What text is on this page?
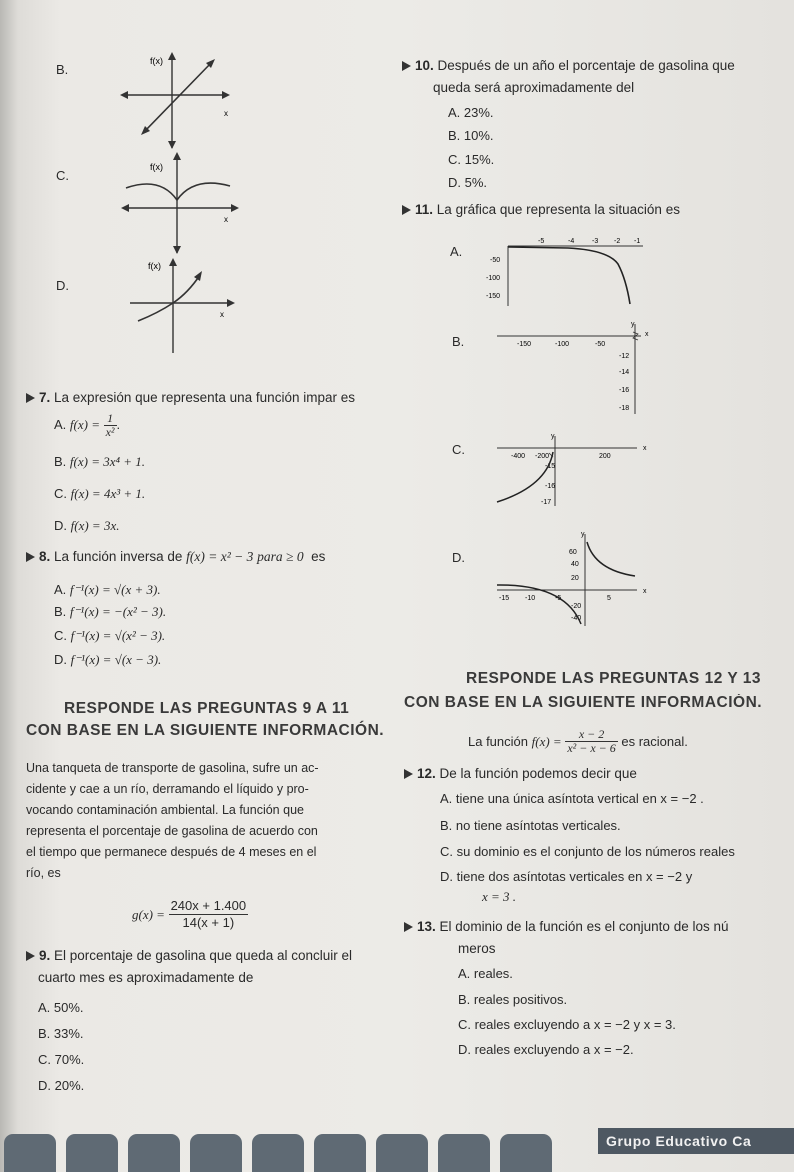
B.
f(x)
x
C.
f(x)
x
D.
f(x)
x
7. La expresión que representa una función impar es
A. $f(x) = \frac{1}{\text{x²}}$ .
B. f(x) = 3x⁴ + 1.
C. f(x) = 4x³ + 1.
D. f(x) = 3x.
8. La función inversa de f(x) = x² − 3 para ≥ 0 es
A. f⁻¹(x) = √(x + 3).
B. f⁻¹(x) = −(x² − 3).
C. f⁻¹(x) = √(x² − 3).
D. f⁻¹(x) = √(x − 3).
RESPONDE LAS PREGUNTAS 9 A 11
CON BASE EN LA SIGUIENTE INFORMACIÓN.
Una tanqueta de transporte de gasolina, sufre un ac-
cidente y cae a un río, derramando el líquido y pro-
vocando contaminación ambiental. La función que
representa el porcentaje de gasolina de acuerdo con
el tiempo que permanece después de 4 meses en el
río, es
$g(x) = \frac{240x + 1.400}{14(x + 1)}$
9. El porcentaje de gasolina que queda al concluir el
cuarto mes es aproximadamente de
A. 50%.
B. 33%.
C. 70%.
D. 20%.
10. Después de un año el porcentaje de gasolina que
queda será aproximadamente del
A. 23%.
B. 10%.
C. 15%.
D. 5%.
11. La gráfica que representa la situación es
A.
-5	-4	-3 -2 -1
-50
-100
-150
B.	x
y
-150	-100	-50
-12
-14
-16
-18
C.	x
y
-400 -200	200
-15
-16
-17
D.
x
y
-15 -10	-5	5
60
40
20
-20
-40
RESPONDE LAS PREGUNTAS 12 Y 13
CON BASE EN LA SIGUIENTE INFORMACIÓN.
La función $f(x) = \frac{x - 2}{\text{x² − x − 6}}$ es racional.
12. De la función podemos decir que
A. tiene una única asíntota vertical en x = −2 .
B. no tiene asíntotas verticales.
C. su dominio es el conjunto de los números reales
D. tiene dos asíntotas verticales en x = −2 y
x = 3 .
13. El dominio de la función es el conjunto de los nú
meros
A. reales.
B. reales positivos.
C. reales excluyendo a x = −2 y x = 3.
D. reales excluyendo a x = −2.
Grupo Educativo Ca
